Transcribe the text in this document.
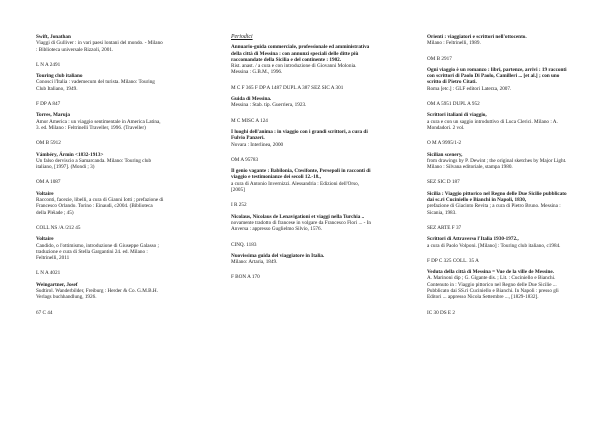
Swift, Jonathan
Viaggi di Gulliver : in vari paesi lontani del mondo. - Milano : Biblioteca universale Rizzoli, 2001.
L N A 2491
Touring club italiano
Conosci l'Italia : vademecum del turista. Milano: Touring Club Italiano, 1949.
F DP A 847
Torres, Maruja
Amor America : un viaggio sentimentale in America Latina, 3. ed. Milano : Feltrinelli Traveller, 1996. (Traveller)
OM B 5912
Vámbéry, Ármin <1832-1913>
Un falso derviscio a Samarcanda. Milano: Touring club italiano, [1997]. (Mondi ; 3)
OM A 1087
Voltaire
Racconti, facezie, libelli, a cura di Gianni Iotti ; prefazione di Francesco Orlando. Torino : Einaudi, c2004. (Biblioteca della Pléiade ; 45)
COLL NS /A /212 45
Voltaire
Candido, o l'ottimismo, introduzione di Giuseppe Galasso ; traduzione e cura di Stella Gargantini 24. ed. Milano : Feltrinelli, 2011
L N A 4021
Weingartner, Josef
Sudtirol. Wanderbilder, Freiburg : Herder & Co. G.M.B.H. Verlags buchhandlung, 1926.
67 C 44
Periodici
Annuario-guida commerciale, professionale ed amministrativa della città di Messina : con annunzi speciali delle ditte più raccomandate della Sicilia e del continente : 1902.
Rist. anast. / a cura e con introduzione di Giovanni Molonia. Messina : G.B.M., 1996.
M C F 365 F DP A 1487 DUPL A 387 SEZ SIC A 301
Guida di Messina.
Messina : Stab. tip. Guerriera, 1923.
M C MISC A 124
I luoghi dell'anima : in viaggio con i grandi scrittori, a cura di Fulvio Panzeri.
Novara : Interlinea, 2000
OM A 95783
Il genio vagante : Babilonia, Ctesifonte, Persepoli in racconti di viaggio e testimonianze dei secoli 12.-18.,
a cura di Antonio Invernizzi. Alessandria : Edizioni dell'Orso, [2005]
I R 252
Nicolaus, Nicolaus de Lenavigationi et viaggi nella Turchia ..
novamente tradotto di francese in volgare da Francesco Flori ... - In Anversa : appresso Guglielmo Silvio, 1576.
CINQ. 1183
Nuovissima guida del viaggiatore in Italia.
Milano: Artaria, 1849.
F BON A 170
Orienti : viaggiatori e scrittori nell'ottocento.
Milano : Feltrinelli, 1989.
OM B 2917
Ogni viaggio è un romanzo : libri, partenze, arrivi : 19 racconti con scrittori di Paolo Di Paolo, Camilleri ... [et al.] ; con uno scritto di Pietro Citati.
Roma [etc.] : GLF editori Laterza, 2007.
OM A 5951 DUPL A 952
Scrittori italiani di viaggio,
a cura e con un saggio introduttivo di Luca Clerici. Milano : A. Mondadori. 2 vol.
O M A 9995/1-2
Sicilian scenery,
from drawings by P. Dewint ; the original sketches by Major Light. Milano : Silvana editoriale, stampa 1980.
SEZ SIC D 187
Sicilia : Viaggio pittorico nel Regno delle Due Sicilie pubblicato dai sc.ri Cuciniello e Bianchi in Napoli, 1830,
prefazione di Giacinto Revita ; a cura di Pietro Bruno. Messina : Sicania, 1983.
SEZ ARTE F 37
Scrittori di Attraverso l'Italia 1930-1972.,
a cura di Paolo Volponi. [Milano] : Touring club italiano, c1984.
F DP C 325 COLL. 35 A
Veduta della città di Messina = Vue de la ville de Messine.
A. Marinoni dip ; G. Gigante dis. ; Lit. : Cuciniello e Bianchi. Contenuto in : Viaggio pittorico nel Regno delle Due Sicilie ... Pubblicato dai SS.ri Cuciniello e Bianchi. In Napoli : presso gli Editori ... appresso Nicola Settembre ..., [1829-1832].
IC 30 DS E 2
